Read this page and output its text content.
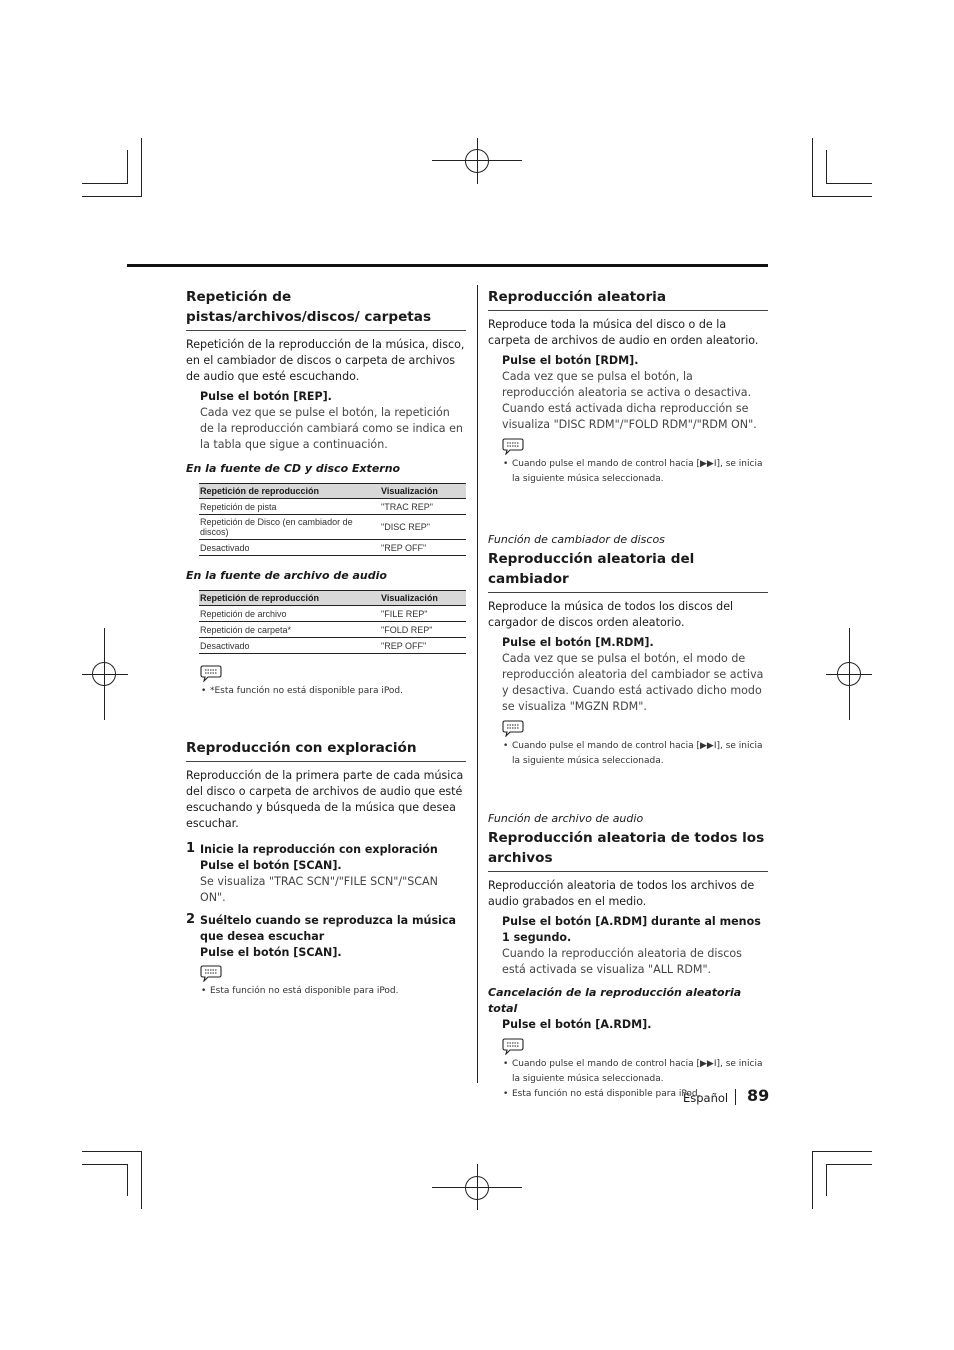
Repetición de pistas/archivos/discos/ carpetas

Repetición de la reproducción de la música, disco, en el cambiador de discos o carpeta de archivos de audio que esté escuchando.

Pulse el botón [REP].

Cada vez que se pulse el botón, la repetición de la reproducción cambiará como se indica en la tabla que sigue a continuación.

En la fuente de CD y disco Externo
Repetición de reproducción	Visualización
Repetición de pista	"TRAC REP"
Repetición de Disco (en cambiador de discos)	"DISC REP"
Desactivado	"REP OFF"
En la fuente de archivo de audio
Repetición de reproducción	Visualización
Repetición de archivo	"FILE REP"
Repetición de carpeta*	"FOLD REP"
Desactivado	"REP OFF"
• *Esta función no está disponible para iPod.
Reproducción con exploración

Reproducción de la primera parte de cada música del disco o carpeta de archivos de audio que esté escuchando y búsqueda de la música que desea escuchar.

1 Inicie la reproducción con exploración

Pulse el botón [SCAN].

Se visualiza "TRAC SCN"/"FILE SCN"/"SCAN ON".

2 Suéltelo cuando se reproduzca la música que desea escuchar

Pulse el botón [SCAN].

• Esta función no está disponible para iPod.
Reproducción aleatoria

Reproduce toda la música del disco o de la carpeta de archivos de audio en orden aleatorio.

Pulse el botón [RDM].

Cada vez que se pulsa el botón, la reproducción aleatoria se activa o desactiva. Cuando está activada dicha reproducción se visualiza "DISC RDM"/"FOLD RDM"/"RDM ON".

• Cuando pulse el mando de control hacia [▶▶I], se inicia la siguiente música seleccionada.
Función de cambiador de discos
Reproducción aleatoria del cambiador

Reproduce la música de todos los discos del cargador de discos orden aleatorio.

Pulse el botón [M.RDM].

Cada vez que se pulsa el botón, el modo de reproducción aleatoria del cambiador se activa y desactiva. Cuando está activado dicho modo se visualiza "MGZN RDM".

• Cuando pulse el mando de control hacia [▶▶I], se inicia la siguiente música seleccionada.
Función de archivo de audio
Reproducción aleatoria de todos los archivos

Reproducción aleatoria de todos los archivos de audio grabados en el medio.

Pulse el botón [A.RDM] durante al menos 1 segundo.

Cuando la reproducción aleatoria de discos está activada se visualiza "ALL RDM".

Cancelación de la reproducción aleatoria total

Pulse el botón [A.RDM].

• Cuando pulse el mando de control hacia [▶▶I], se inicia la siguiente música seleccionada.
• Esta función no está disponible para iPod.
Español 89
